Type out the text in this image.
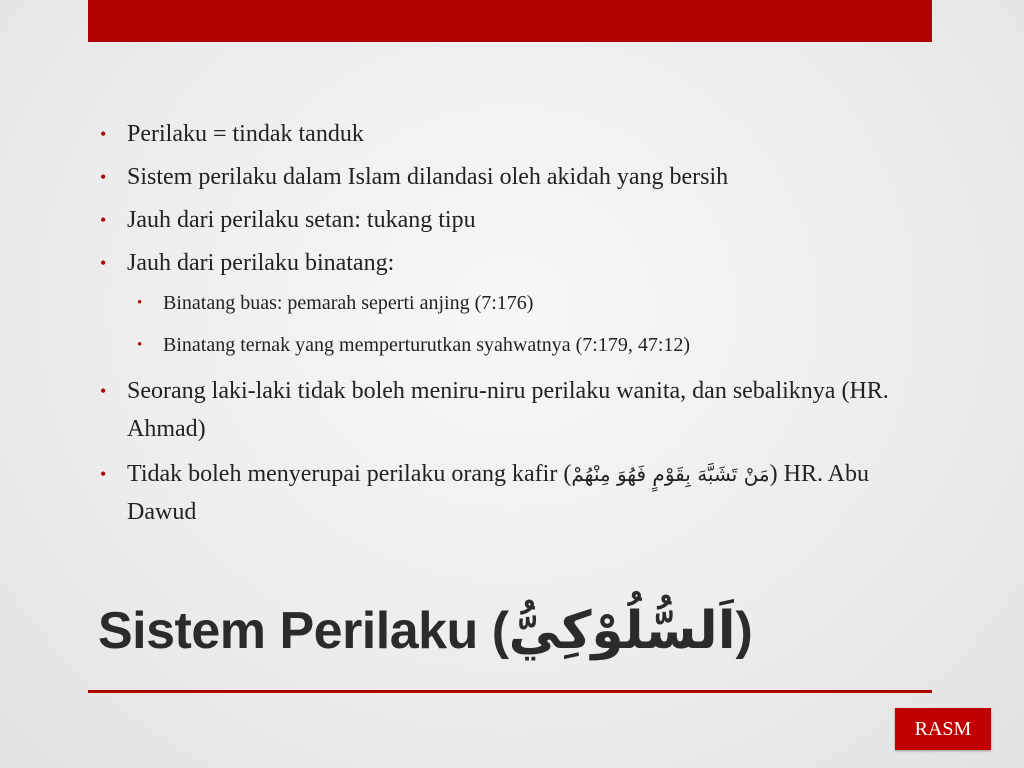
• Perilaku = tindak tanduk
• Sistem perilaku dalam Islam dilandasi oleh akidah yang bersih
• Jauh dari perilaku setan: tukang tipu
• Jauh dari perilaku binatang:
• Binatang buas: pemarah seperti anjing (7:176)
• Binatang ternak yang memperturutkan syahwatnya (7:179, 47:12)
• Seorang laki-laki tidak boleh meniru-niru perilaku wanita, dan sebaliknya (HR. Ahmad)
• Tidak boleh menyerupai perilaku orang kafir (مَنْ تَشَبَّهَ بِقَوْمٍ فَهُوَ مِنْهُمْ) HR. Abu Dawud
Sistem Perilaku (اَلسُّلُوْكِيُّ)
RASM
